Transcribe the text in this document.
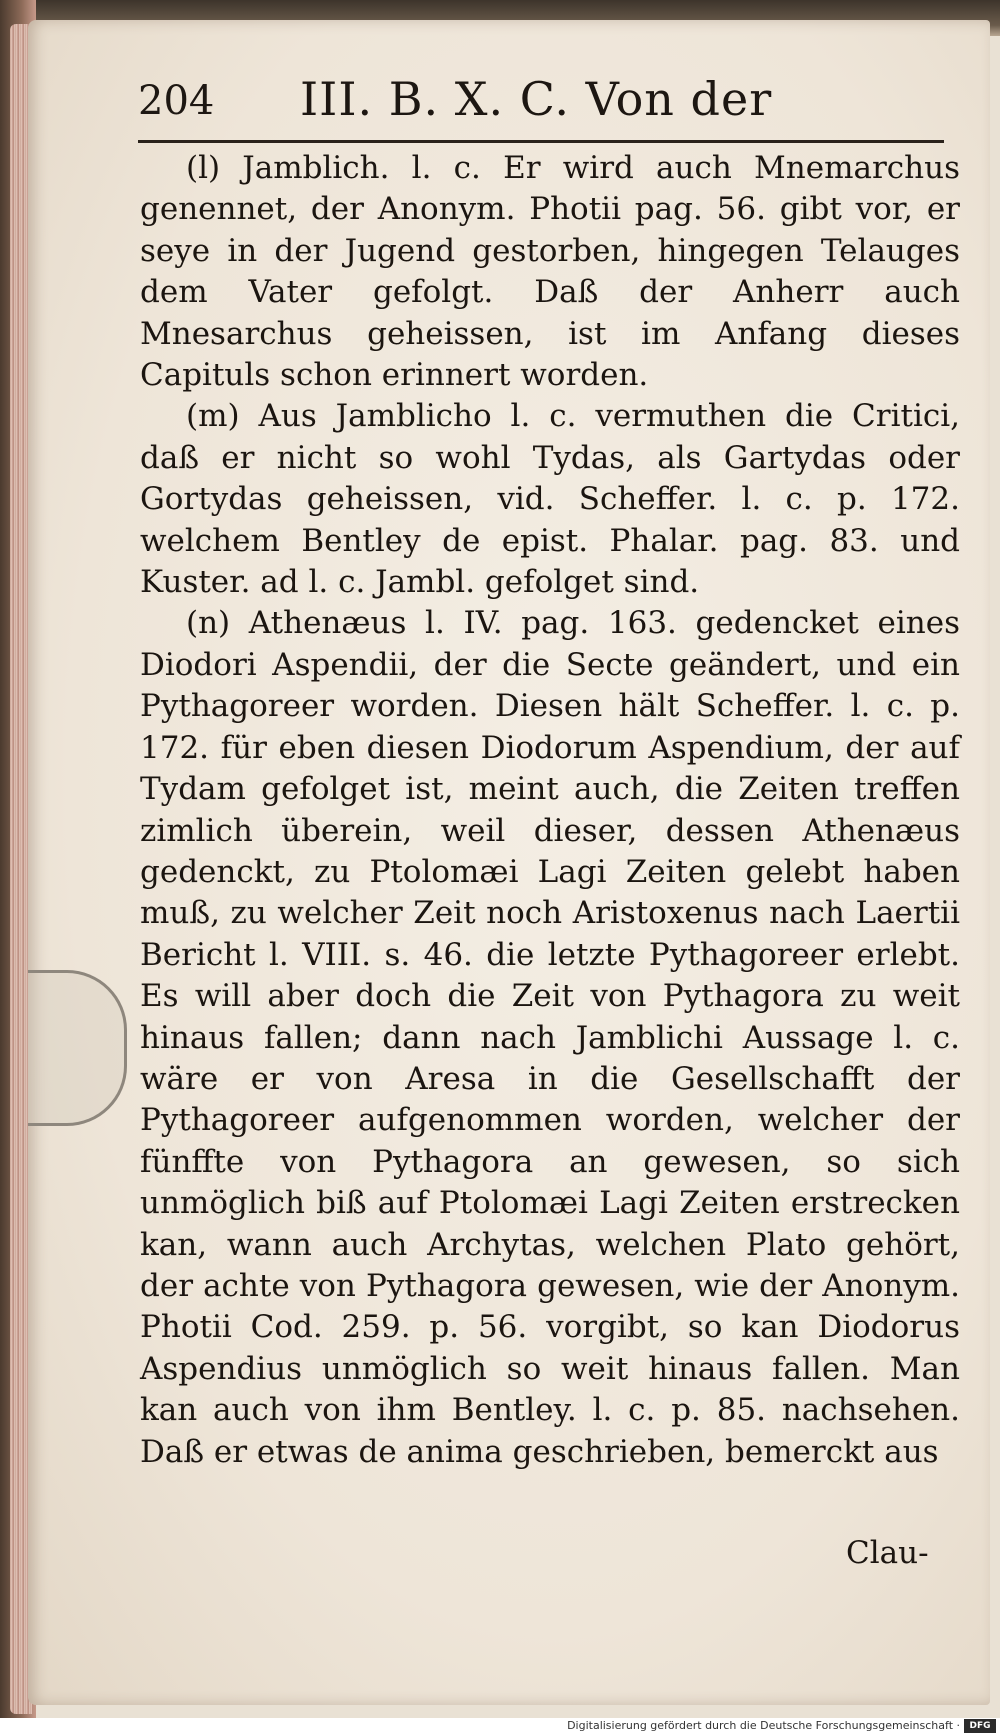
204 III. B. X. C. Von der

(l) Jamblich. l. c. Er wird auch Mnemarchus genennet, der Anonym. Photii pag. 56. gibt vor, er seye in der Jugend gestorben, hingegen Telauges dem Vater gefolgt. Daß der Anherr auch Mnesarchus geheissen, ist im Anfang dieses Capituls schon erinnert worden.

(m) Aus Jamblicho l. c. vermuthen die Critici, daß er nicht so wohl Tydas, als Gartydas oder Gortydas geheissen, vid. Scheffer. l. c. p. 172. welchem Bentley de epist. Phalar. pag. 83. und Kuster. ad l. c. Jambl. gefolget sind.

(n) Athenæus l. IV. pag. 163. gedencket eines Diodori Aspendii, der die Secte geändert, und ein Pythagoreer worden. Diesen hält Scheffer. l. c. p. 172. für eben diesen Diodorum Aspendium, der auf Tydam gefolget ist, meint auch, die Zeiten treffen zimlich überein, weil dieser, dessen Athenæus gedenckt, zu Ptolomæi Lagi Zeiten gelebt haben muß, zu welcher Zeit noch Aristoxenus nach Laertii Bericht l. VIII. s. 46. die letzte Pythagoreer erlebt. Es will aber doch die Zeit von Pythagora zu weit hinaus fallen; dann nach Jamblichi Aussage l. c. wäre er von Aresa in die Gesellschafft der Pythagoreer aufgenommen worden, welcher der fünffte von Pythagora an gewesen, so sich unmöglich biß auf Ptolomæi Lagi Zeiten erstrecken kan, wann auch Archytas, welchen Plato gehört, der achte von Pythagora gewesen, wie der Anonym. Photii Cod. 259. p. 56. vorgibt, so kan Diodorus Aspendius unmöglich so weit hinaus fallen. Man kan auch von ihm Bentley. l. c. p. 85. nachsehen. Daß er etwas de anima geschrieben, bemerckt aus

Clau-
Digitalisierung gefördert durch die Deutsche Forschungsgemeinschaft ·	DFG
